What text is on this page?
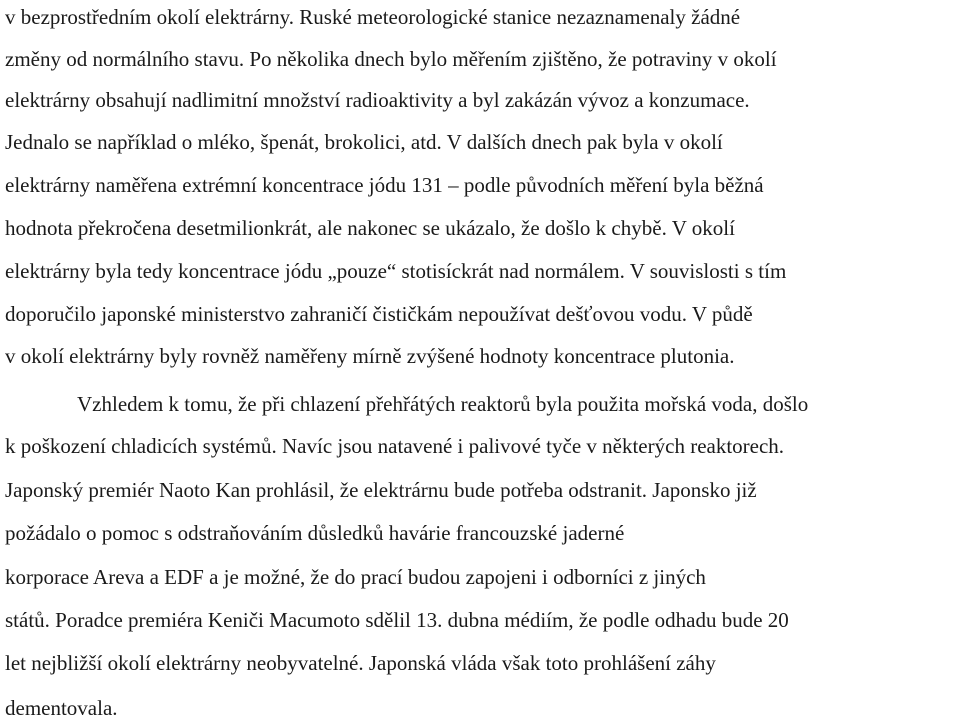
v bezprostředním okolí elektrárny. Ruské meteorologické stanice nezaznamenaly žádné
změny od normálního stavu. Po několika dnech bylo měřením zjištěno, že potraviny v okolí
elektrárny obsahují nadlimitní množství radioaktivity a byl zakázán vývoz a konzumace.
Jednalo se například o mléko, špenát, brokolici, atd. V dalších dnech pak byla v okolí
elektrárny naměřena extrémní koncentrace jódu 131 – podle původních měření byla běžná
hodnota překročena desetmilionkrát, ale nakonec se ukázalo, že došlo k chybě. V okolí
elektrárny byla tedy koncentrace jódu „pouze“ stotisíckrát nad normálem. V souvislosti s tím
doporučilo japonské ministerstvo zahraničí čističkám nepoužívat dešťovou vodu. V půdě
v okolí elektrárny byly rovněž naměřeny mírně zvýšené hodnoty koncentrace plutonia.
Vzhledem k tomu, že při chlazení přehřátých reaktorů byla použita mořská voda, došlo
k poškození chladicích systémů. Navíc jsou natavené i palivové tyče v některých reaktorech.
Japonský premiér Naoto Kan prohlásil, že elektrárnu bude potřeba odstranit. Japonsko již
požádalo o pomoc s odstraňováním důsledků havárie francouzské jaderné
korporace Areva a EDF a je možné, že do prací budou zapojeni i odborníci z jiných
států. Poradce premiéra Keniči Macumoto sdělil 13. dubna médiím, že podle odhadu bude 20
let nejbližší okolí elektrárny neobyvatelné. Japonská vláda však toto prohlášení záhy
dementovala.
